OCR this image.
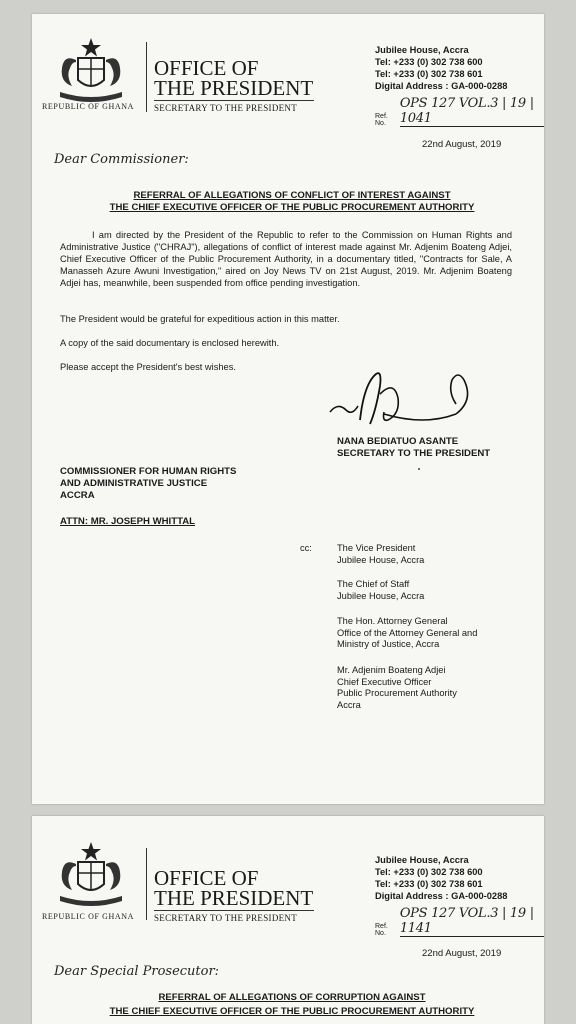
REPUBLIC OF GHANA
OFFICE OF
THE PRESIDENT
SECRETARY TO THE PRESIDENT
Jubilee House, Accra
Tel: +233 (0) 302 738 600
Tel: +233 (0) 302 738 601
Digital Address : GA-000-0288
Ref. No.
OPS 127 VOL.3 | 19 | 1041
22nd August, 2019
Dear Commissioner:
REFERRAL OF ALLEGATIONS OF CONFLICT OF INTEREST AGAINST
THE CHIEF EXECUTIVE OFFICER OF THE PUBLIC PROCUREMENT AUTHORITY
I am directed by the President of the Republic to refer to the Commission on Human Rights and Administrative Justice ("CHRAJ"), allegations of conflict of interest made against Mr. Adjenim Boateng Adjei, Chief Executive Officer of the Public Procurement Authority, in a documentary titled, "Contracts for Sale, A Manasseh Azure Awuni Investigation," aired on Joy News TV on 21st August, 2019. Mr. Adjenim Boateng Adjei has, meanwhile, been suspended from office pending investigation.
The President would be grateful for expeditious action in this matter.
A copy of the said documentary is enclosed herewith.
Please accept the President's best wishes.
NANA BEDIATUO ASANTE
SECRETARY TO THE PRESIDENT
COMMISSIONER FOR HUMAN RIGHTS
AND ADMINISTRATIVE JUSTICE
ACCRA
ATTN: MR. JOSEPH WHITTAL
cc:	The Vice President
Jubilee House, Accra
The Chief of Staff
Jubilee House, Accra
The Hon. Attorney General
Office of the Attorney General and
Ministry of Justice, Accra
Mr. Adjenim Boateng Adjei
Chief Executive Officer
Public Procurement Authority
Accra
REPUBLIC OF GHANA
OFFICE OF
THE PRESIDENT
SECRETARY TO THE PRESIDENT
Jubilee House, Accra
Tel: +233 (0) 302 738 600
Tel: +233 (0) 302 738 601
Digital Address : GA-000-0288
Ref. No.
OPS 127 VOL.3 | 19 | 1141
22nd August, 2019
Dear Special Prosecutor:
REFERRAL OF ALLEGATIONS OF CORRUPTION AGAINST
THE CHIEF EXECUTIVE OFFICER OF THE PUBLIC PROCUREMENT AUTHORITY
